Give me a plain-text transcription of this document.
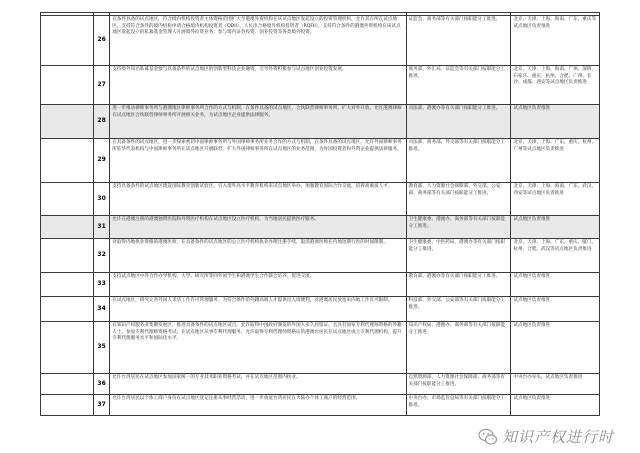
	26	在条件具备的试点地区，符合境内机构投资者主体资格范围扩大至港澳外资机构在该试点地区发起设立的投资管理机构，允许其在所在试点地区，支持符合条件的境内机构申请合格境内机构投资者（QDII）、人民币合格境外机构投资者（RQFII），支持符合条件的港澳外资机构在该试点地区发起设立的私募基金管理人开展境外投资业务；参与境内证券投资、创业投资等各类境外投资。	证监会、商务部等有关部门按职能分工推进。	北京、天津、上海、海南、广东、重庆等试点地区负责推进
	27	支持境外知名私募基金参与具备条件的试点地区的创新型科技企业融资，引导外资积极参与试点地区创业投资发展。	商务部、外汇局、证监会等有关部门按职能分工推进。	北京、天津、上海、海南、广州、深圳、石家庄、重庆、杭州、合肥、广州、长沙、成都、西安等试点地区负责推进
	28	进一步推动律师事务所与港澳地区律师事务所合作的方式与机制，在条件具备的试点地区，合伙联营律师事务所，扩大对外开放，允许港澳律师在试点地区合伙联营律师事务所开展相关业务，为试点地区企业提供法律服务。	司法部、港澳办等有关部门按职能分工推进。	试点地区负责推进
	29	在具备条件的试点地区，进一步探索密切中国律师事务所与外国律师事务所业务合作的方式与机制，在条件具备的试点地区，允许外国律师事务所驻华代表机构与中国律师事务所在试点地区开展联营，扩大外国律师事务所在试点地区的业务范围，为外国投资者和外资企业提供法律服务。	司法部、商务部、外交部等有关部门按职能分工推进。	北京、天津、上海、广东、重庆、杭州、广州等试点地区负责推进
	30	支持具备条件的试点地区建设国际教育创新试验区，引入境外高水平教育机构来试点地区举办，加强教育国际合作交流，培养高素质人才。	教育部、人力资源社会保障部、外交部、公安部、商务部等有关部门按职能分工推进。	北京、天津、上海、海南、广东、武汉、西安等试点地区负责推进
	31	允许在港澳注册的港澳独资医院和外资医疗机构在试点地区设立医疗机构，为当地居民提供医疗服务。	卫生健康委、港澳办、商务部等有关部门按职能分工推进。	试点地区负责推进
	32	对取得内地执业资格的港澳医师，在具备条件的试点地区的公立医疗机构执业办理注册手续，取消港澳医师在内地短期行医的时间限制。	卫生健康委、中医药局、港澳办等有关部门按职能分工推进。	北京、天津、上海、广东、重庆、厦门、杭州、合肥、武汉等试点地区负责推进
	33	支持试点地区中外合作办学机构、大学、研究所等同外国学生和港澳学生合作联合培养，促进交流。	教育部、港澳办等有关部门按职能分工推进。	试点地区负责推进
	34	在试点地区，研究完善外国人来华工作许可管理服务，为符合条件的外籍高端人才提供出入境便利，对港澳居民放宽来内地工作许可限制。	科技部、外交部、公安部等有关部门按职能分工推进。	试点地区负责推进
	35	在知识产权服务业集聚发展区，推进具备条件的试点地区试点，允许取得中国政府颁发的外国人永久居留证、且具有国家专利代理师资格的外籍人士，参加专利代理师资格考试，在试点地区从事专利代理服务，允许取得专利代理师资格证的港澳台居民在试点地区成立专利代理机构，提升专利代理服务水平和国际化水平。	知识产权局、港澳办、商务部等有关部门按职能分工推进。	试点地区负责推进
	36	允许台湾居民在试点地区参加国家统一的专业技术职业资格考试，并在试点地区范围内执业。	自然资源部、人力资源社会保障部、商务部等有关部门按职能分工推进。	中央台办牵头，试点地区负责推进
	37	允许台湾居民以个体工商户身份在试点地区登记注册从事经营活动，进一步放宽台湾居民在大陆办个体工商户的经营范围。	中央台办、市场监管总局等有关部门按职能分工推进。	试点地区负责推进
知识产权进行时
